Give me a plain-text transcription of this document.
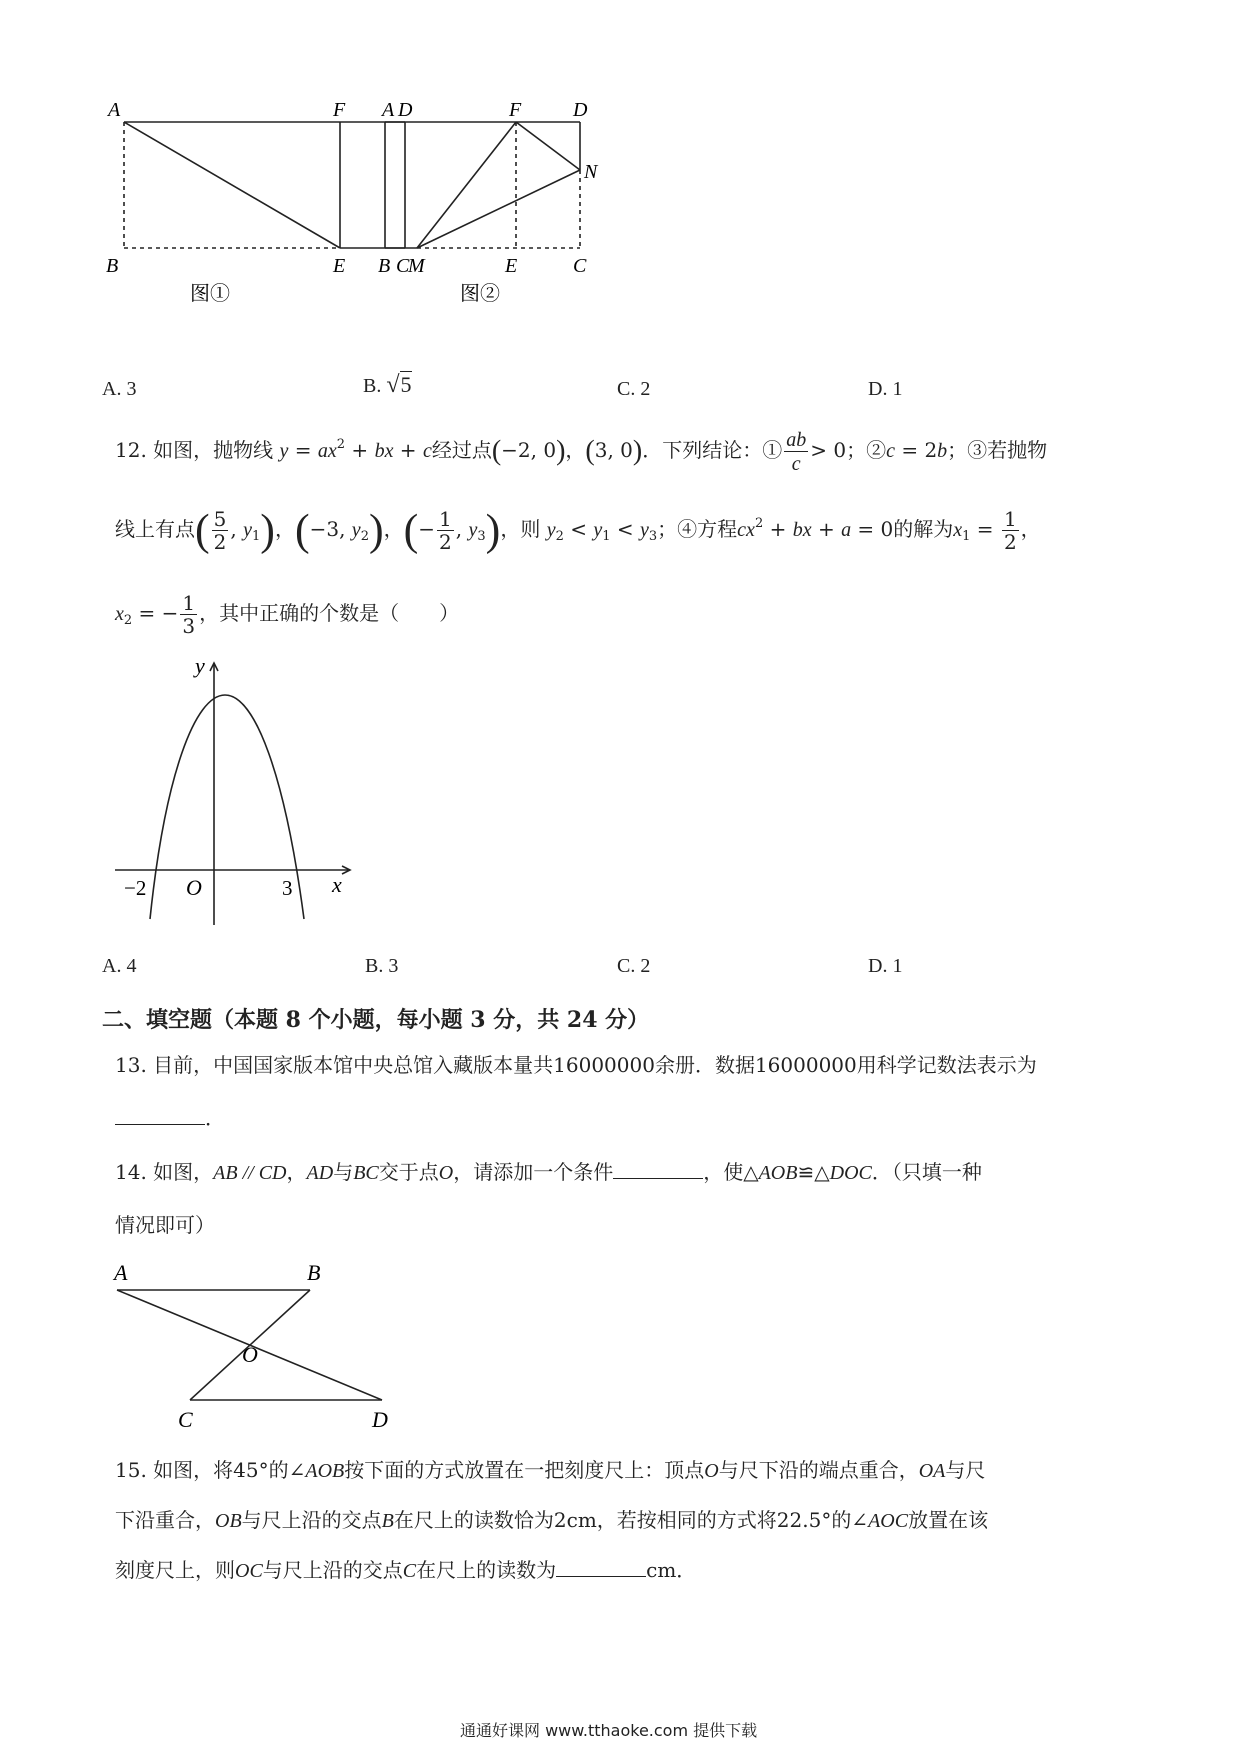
A	F	D
B	E	C
图①
A	F	D
N
B M	E	C
图②
A. 3	B. √5	C. 2	D. 1
12. 如图，抛物线 $y = ax^2$ + bx + c经过点(−2, 0)，(3, 0)．下列结论：① $\frac{ab}{c} > 0$；②c = 2b；③若抛物
线上有点( $\frac{5}{2}$ , $y_1$)，(−3, $y_2$)，(− $\frac{1}{2}$ , $y_3$)，则 $y_2 < y_1 < y_3$；④方程$cx^2$ + bx + a = 0的解为$x_1 = \frac{1}{2}$ ，
$x_2$ = − $\frac{1}{3}$ ，其中正确的个数是（　　）
y
x
O
−2	3
A. 4	B. 3	C. 2	D. 1
二、填空题（本题 8 个小题，每小题 3 分，共 24 分）
13. 目前，中国国家版本馆中央总馆入藏版本量共16000000余册．数据16000000用科学记数法表示为
．
14. 如图，AB // CD，AD与BC交于点O，请添加一个条件	，使△AOB≌△DOC．（只填一种
情况即可）
A	B
O
C	D
15. 如图，将45°的∠AOB按下面的方式放置在一把刻度尺上：顶点O与尺下沿的端点重合，OA与尺
下沿重合，OB与尺上沿的交点B在尺上的读数恰为2cm，若按相同的方式将22.5°的∠AOC放置在该
刻度尺上，则OC与尺上沿的交点C在尺上的读数为	cm．
通通好课网 www.tthaoke.com 提供下载
